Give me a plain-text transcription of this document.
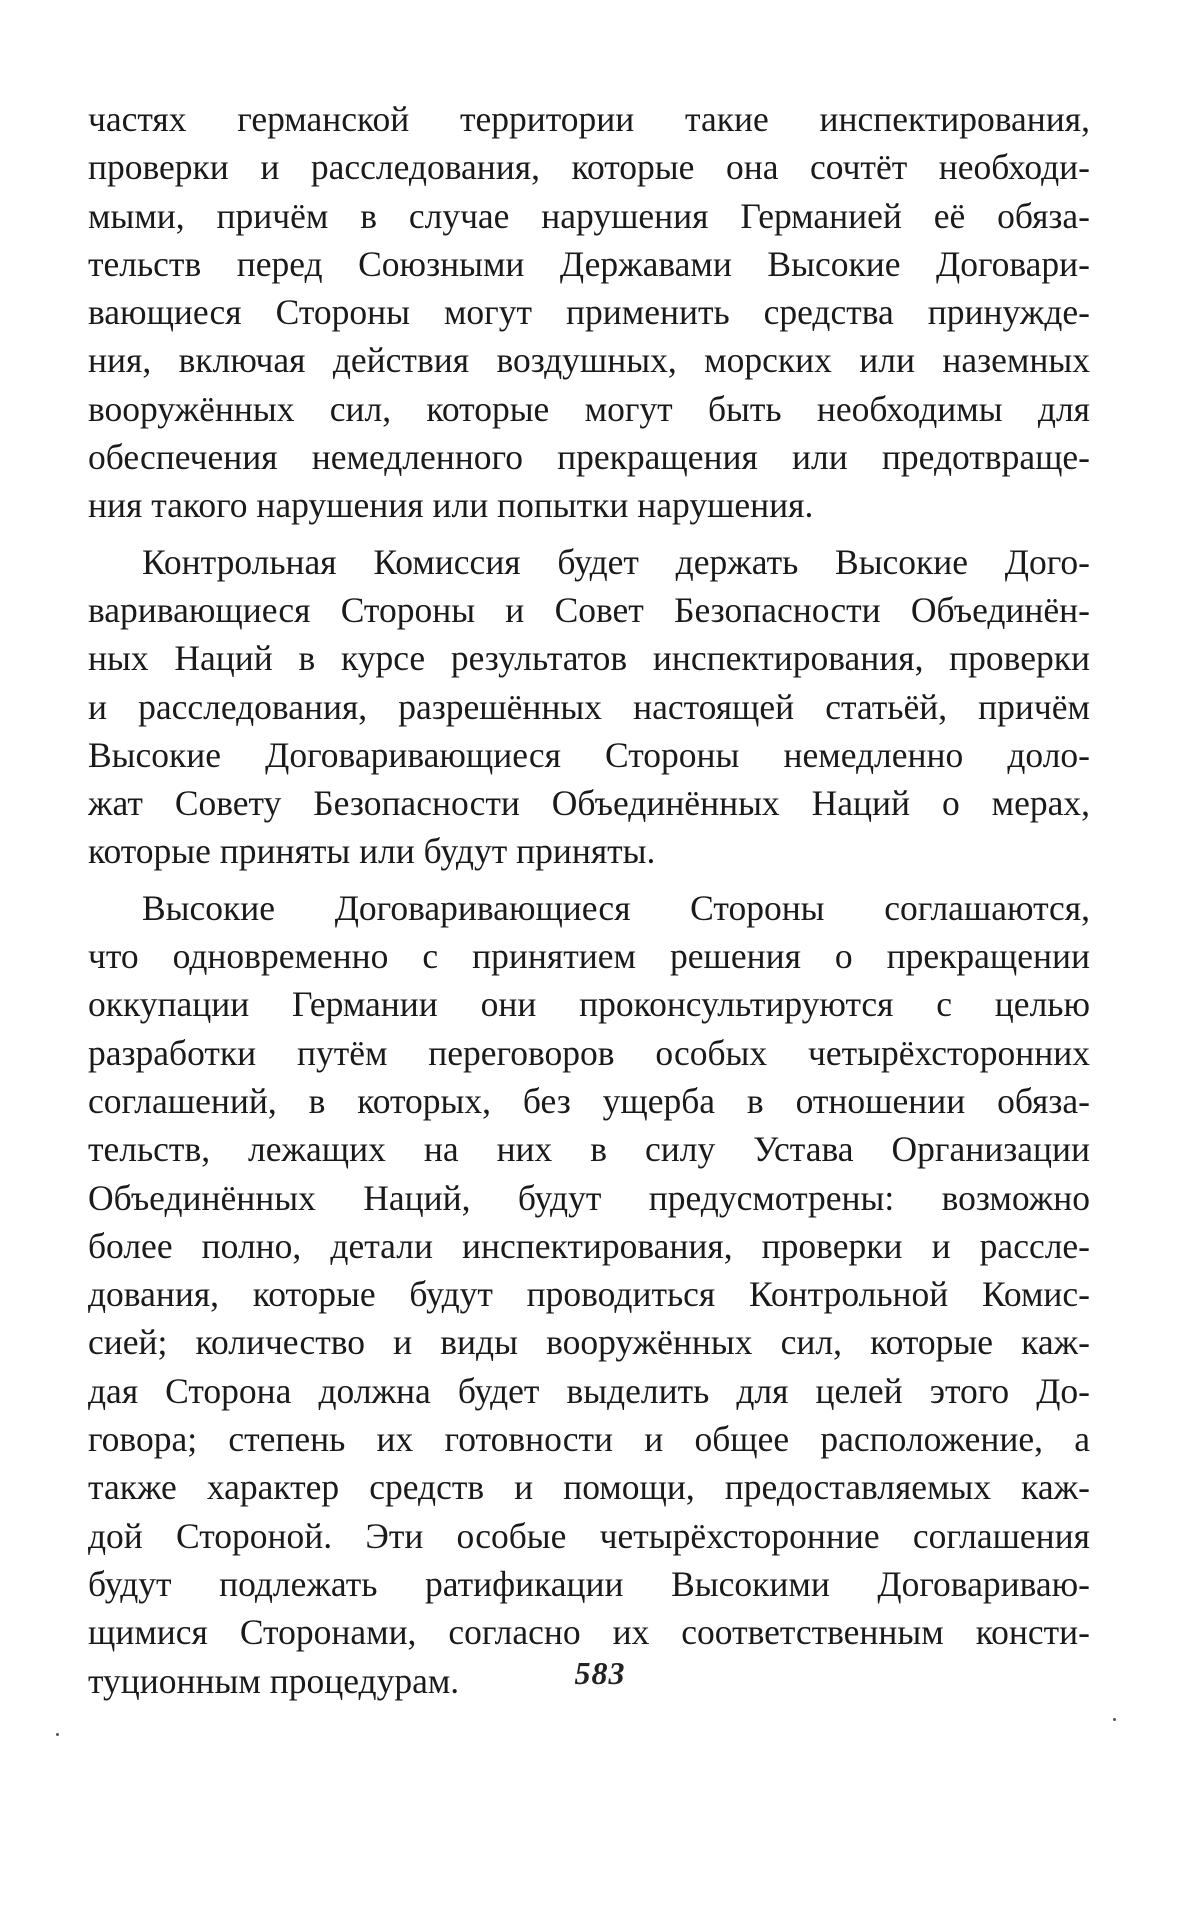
частях германской территории такие инспектирования,
проверки и расследования, которые она сочтёт необходи-
мыми, причём в случае нарушения Германией её обяза-
тельств перед Союзными Державами Высокие Договари-
вающиеся Стороны могут применить средства принужде-
ния, включая действия воздушных, морских или наземных
вооружённых сил, которые могут быть необходимы для
обеспечения немедленного прекращения или предотвраще-
ния такого нарушения или попытки нарушения.

Контрольная Комиссия будет держать Высокие Дого-
варивающиеся Стороны и Совет Безопасности Объединён-
ных Наций в курсе результатов инспектирования, проверки
и расследования, разрешённых настоящей статьёй, причём
Высокие Договаривающиеся Стороны немедленно доло-
жат Совету Безопасности Объединённых Наций о мерах,
которые приняты или будут приняты.

Высокие Договаривающиеся Стороны соглашаются,
что одновременно с принятием решения о прекращении
оккупации Германии они проконсультируются с целью
разработки путём переговоров особых четырёхсторонних
соглашений, в которых, без ущерба в отношении обяза-
тельств, лежащих на них в силу Устава Организации
Объединённых Наций, будут предусмотрены: возможно
более полно, детали инспектирования, проверки и рассле-
дования, которые будут проводиться Контрольной Комис-
сией; количество и виды вооружённых сил, которые каж-
дая Сторона должна будет выделить для целей этого До-
говора; степень их готовности и общее расположение, а
также характер средств и помощи, предоставляемых каж-
дой Стороной. Эти особые четырёхсторонние соглашения
будут подлежать ратификации Высокими Договариваю-
щимися Сторонами, согласно их соответственным консти-
туционным процедурам.	583
